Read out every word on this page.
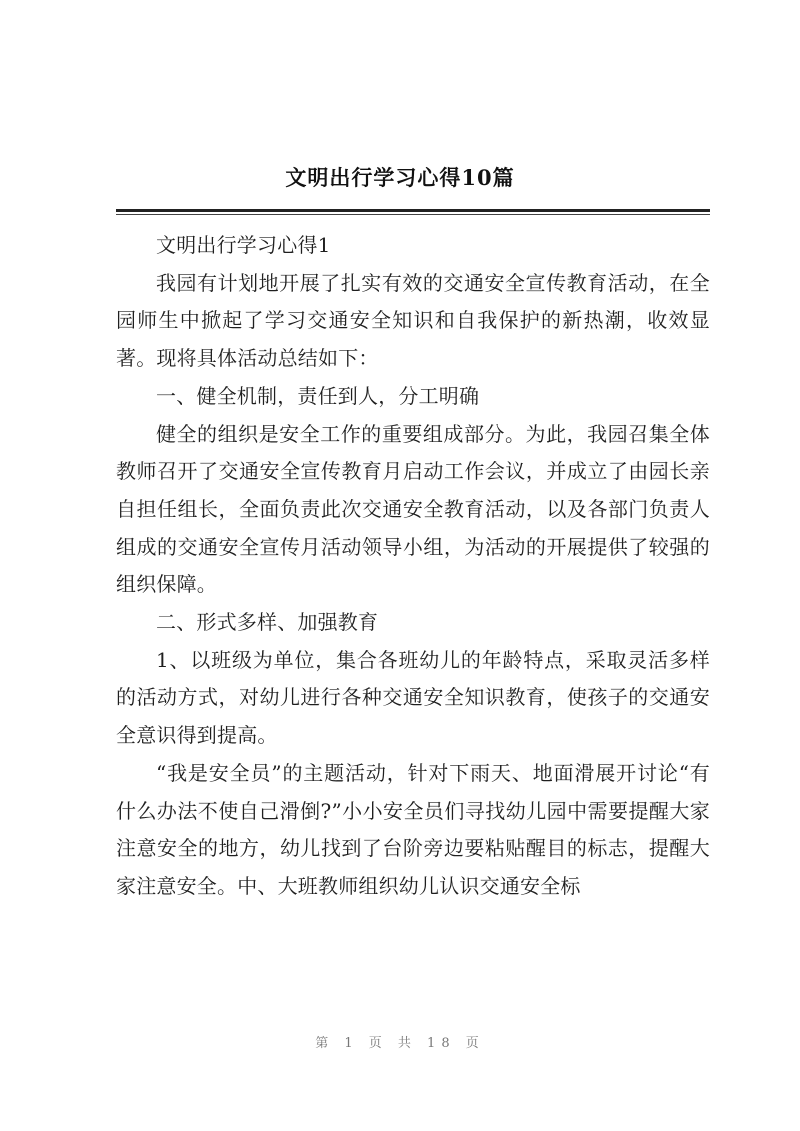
文明出行学习心得10篇

文明出行学习心得1

我园有计划地开展了扎实有效的交通安全宣传教育活动，在全园师生中掀起了学习交通安全知识和自我保护的新热潮，收效显著。现将具体活动总结如下：

一、健全机制，责任到人，分工明确

健全的组织是安全工作的重要组成部分。为此，我园召集全体教师召开了交通安全宣传教育月启动工作会议，并成立了由园长亲自担任组长，全面负责此次交通安全教育活动，以及各部门负责人组成的交通安全宣传月活动领导小组，为活动的开展提供了较强的组织保障。

二、形式多样、加强教育

1、以班级为单位，集合各班幼儿的年龄特点，采取灵活多样的活动方式，对幼儿进行各种交通安全知识教育，使孩子的交通安全意识得到提高。

“我是安全员”的主题活动，针对下雨天、地面滑展开讨论“有什么办法不使自己滑倒?”小小安全员们寻找幼儿园中需要提醒大家注意安全的地方，幼儿找到了台阶旁边要粘贴醒目的标志，提醒大家注意安全。中、大班教师组织幼儿认识交通安全标

第 1 页 共 18 页
